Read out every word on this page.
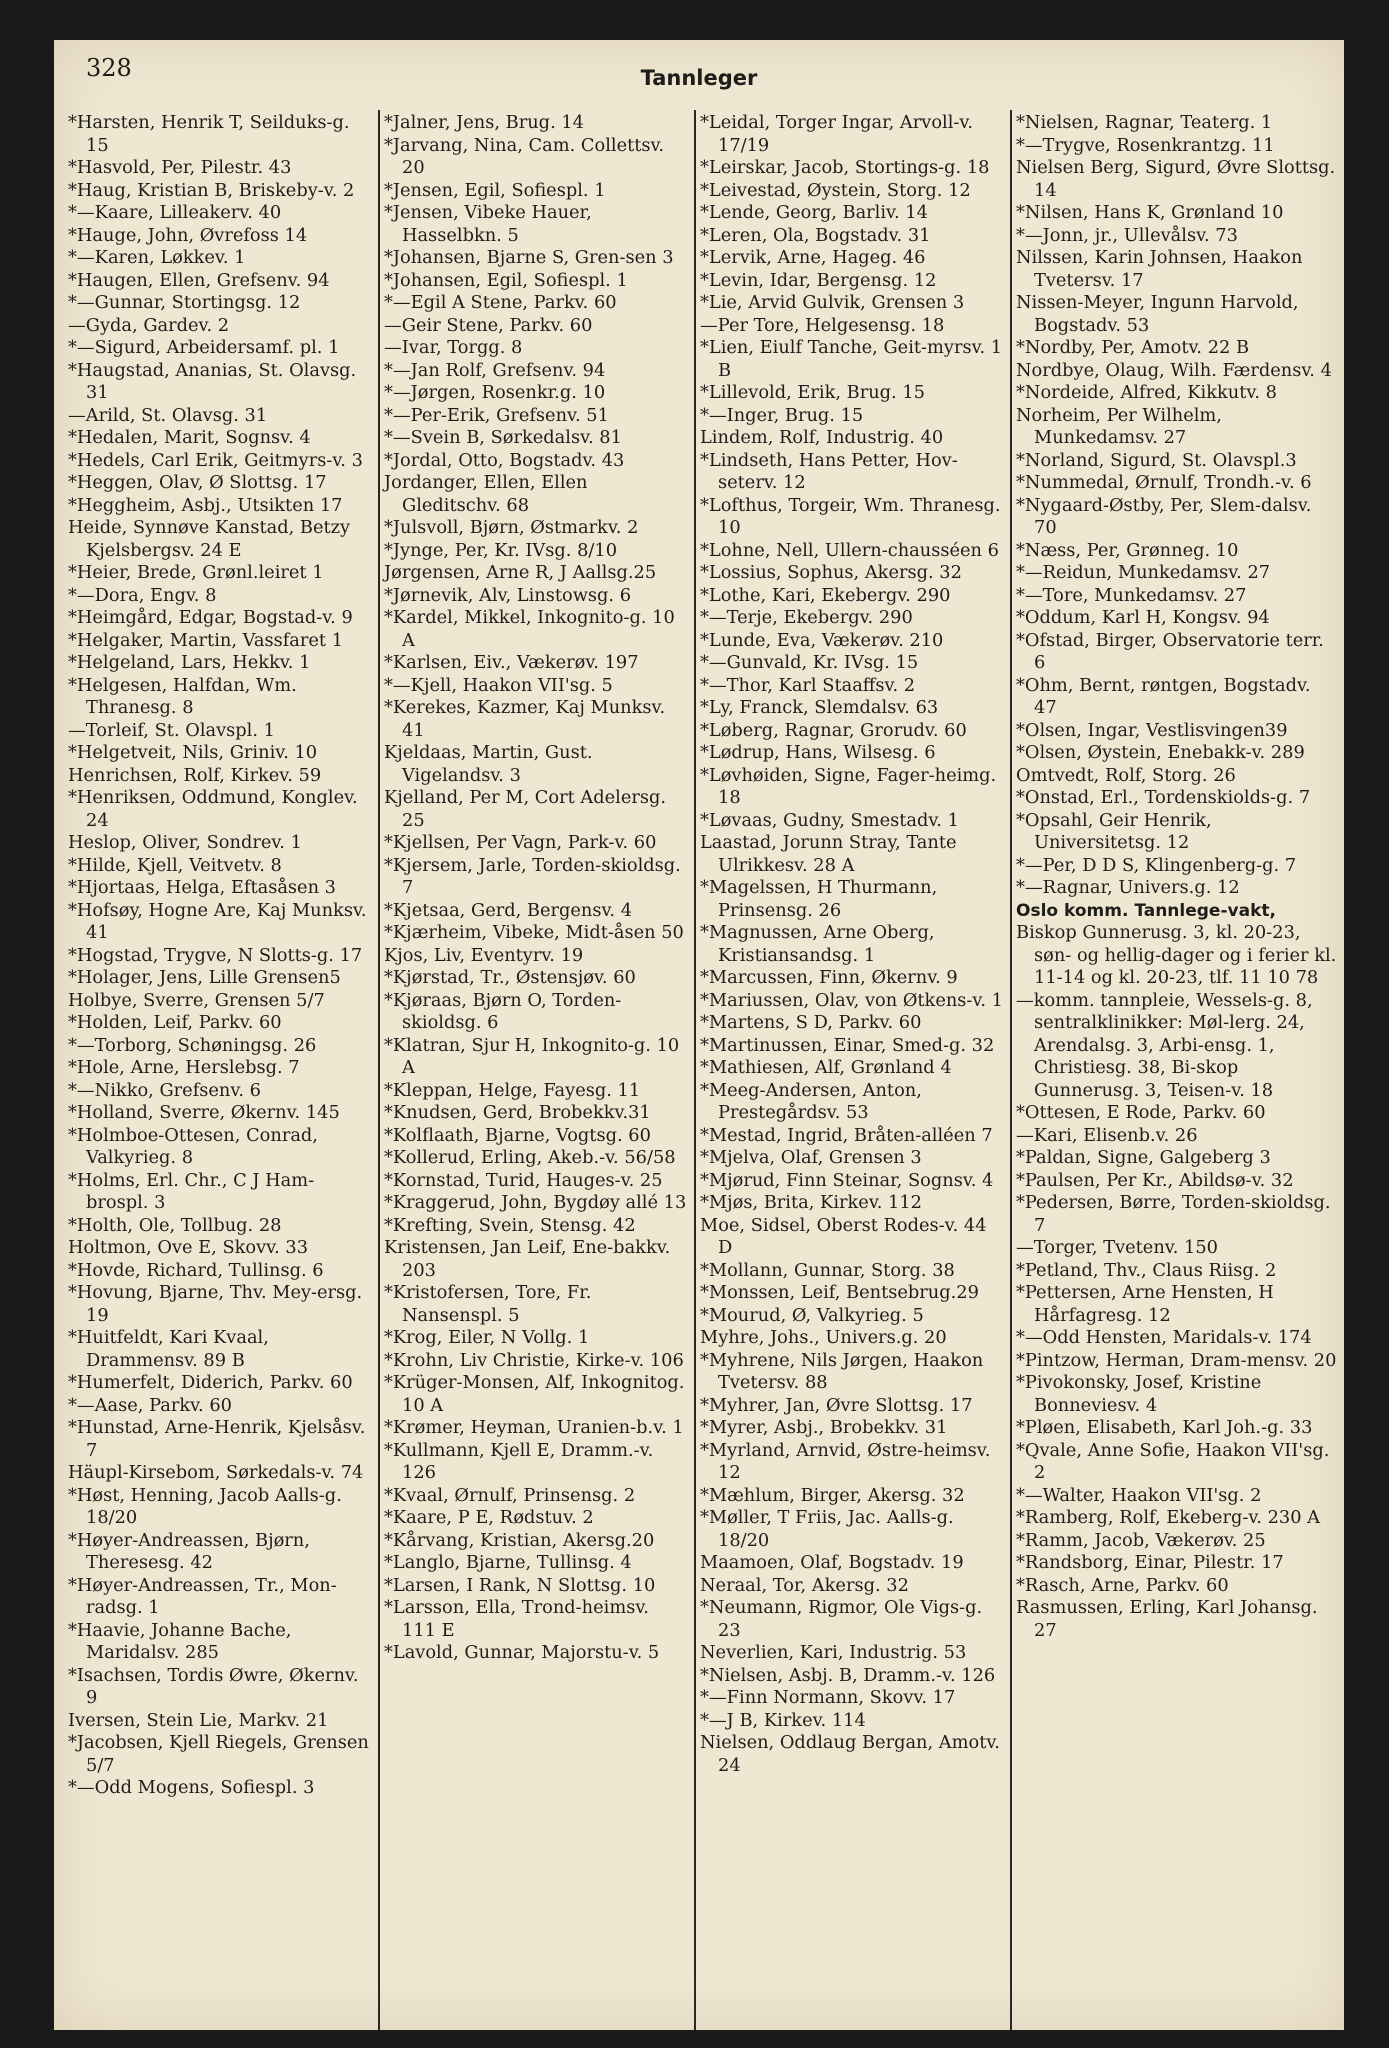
328	Tannleger
*Harsten, Henrik T, Seilduks-g. 15
*Hasvold, Per, Pilestr. 43
*Haug, Kristian B, Briskeby-v. 2
*—Kaare, Lilleakerv. 40
*Hauge, John, Øvrefoss 14
*—Karen, Løkkev. 1
*Haugen, Ellen, Grefsenv. 94
*—Gunnar, Stortingsg. 12
—Gyda, Gardev. 2
*—Sigurd, Arbeidersamf. pl. 1
*Haugstad, Ananias, St. Olavsg. 31
—Arild, St. Olavsg. 31
*Hedalen, Marit, Sognsv. 4
*Hedels, Carl Erik, Geitmyrs-v. 3
*Heggen, Olav, Ø Slottsg. 17
*Heggheim, Asbj., Utsikten 17
Heide, Synnøve Kanstad, Betzy Kjelsbergsv. 24 E
*Heier, Brede, Grønl.leiret 1
*—Dora, Engv. 8
*Heimgård, Edgar, Bogstad-v. 9
*Helgaker, Martin, Vassfaret 1
*Helgeland, Lars, Hekkv. 1
*Helgesen, Halfdan, Wm. Thranesg. 8
—Torleif, St. Olavspl. 1
*Helgetveit, Nils, Griniv. 10
Henrichsen, Rolf, Kirkev. 59
*Henriksen, Oddmund, Konglev. 24
Heslop, Oliver, Sondrev. 1
*Hilde, Kjell, Veitvetv. 8
*Hjortaas, Helga, Eftasåsen 3
*Hofsøy, Hogne Are, Kaj Munksv. 41
*Hogstad, Trygve, N Slotts-g. 17
*Holager, Jens, Lille Grensen5
Holbye, Sverre, Grensen 5/7
*Holden, Leif, Parkv. 60
*—Torborg, Schøningsg. 26
*Hole, Arne, Herslebsg. 7
*—Nikko, Grefsenv. 6
*Holland, Sverre, Økernv. 145
*Holmboe-Ottesen, Conrad, Valkyrieg. 8
*Holms, Erl. Chr., C J Ham-brospl. 3
*Holth, Ole, Tollbug. 28
Holtmon, Ove E, Skovv. 33
*Hovde, Richard, Tullinsg. 6
*Hovung, Bjarne, Thv. Mey-ersg. 19
*Huitfeldt, Kari Kvaal, Drammensv. 89 B
*Humerfelt, Diderich, Parkv. 60
*—Aase, Parkv. 60
*Hunstad, Arne-Henrik, Kjelsåsv. 7
Häupl-Kirsebom, Sørkedals-v. 74
*Høst, Henning, Jacob Aalls-g. 18/20
*Høyer-Andreassen, Bjørn, Theresesg. 42
*Høyer-Andreassen, Tr., Mon-radsg. 1
*Haavie, Johanne Bache, Maridalsv. 285
*Isachsen, Tordis Øwre, Økernv. 9
Iversen, Stein Lie, Markv. 21
*Jacobsen, Kjell Riegels, Grensen 5/7
*—Odd Mogens, Sofiespl. 3
*Jalner, Jens, Brug. 14
*Jarvang, Nina, Cam. Collettsv. 20
*Jensen, Egil, Sofiespl. 1
*Jensen, Vibeke Hauer, Hasselbkn. 5
*Johansen, Bjarne S, Gren-sen 3
*Johansen, Egil, Sofiespl. 1
*—Egil A Stene, Parkv. 60
—Geir Stene, Parkv. 60
—Ivar, Torgg. 8
*—Jan Rolf, Grefsenv. 94
*—Jørgen, Rosenkr.g. 10
*—Per-Erik, Grefsenv. 51
*—Svein B, Sørkedalsv. 81
*Jordal, Otto, Bogstadv. 43
Jordanger, Ellen, Ellen Gleditschv. 68
*Julsvoll, Bjørn, Østmarkv. 2
*Jynge, Per, Kr. IVsg. 8/10
Jørgensen, Arne R, J Aallsg.25
*Jørnevik, Alv, Linstowsg. 6
*Kardel, Mikkel, Inkognito-g. 10 A
*Karlsen, Eiv., Vækerøv. 197
*—Kjell, Haakon VII'sg. 5
*Kerekes, Kazmer, Kaj Munksv. 41
Kjeldaas, Martin, Gust. Vigelandsv. 3
Kjelland, Per M, Cort Adelersg. 25
*Kjellsen, Per Vagn, Park-v. 60
*Kjersem, Jarle, Torden-skioldsg. 7
*Kjetsaa, Gerd, Bergensv. 4
*Kjærheim, Vibeke, Midt-åsen 50
Kjos, Liv, Eventyrv. 19
*Kjørstad, Tr., Østensjøv. 60
*Kjøraas, Bjørn O, Torden-skioldsg. 6
*Klatran, Sjur H, Inkognito-g. 10 A
*Kleppan, Helge, Fayesg. 11
*Knudsen, Gerd, Brobekkv.31
*Kolflaath, Bjarne, Vogtsg. 60
*Kollerud, Erling, Akeb.-v. 56/58
*Kornstad, Turid, Hauges-v. 25
*Kraggerud, John, Bygdøy allé 13
*Krefting, Svein, Stensg. 42
Kristensen, Jan Leif, Ene-bakkv. 203
*Kristofersen, Tore, Fr. Nansenspl. 5
*Krog, Eiler, N Vollg. 1
*Krohn, Liv Christie, Kirke-v. 106
*Krüger-Monsen, Alf, Inkognitog. 10 A
*Krømer, Heyman, Uranien-b.v. 1
*Kullmann, Kjell E, Dramm.-v. 126
*Kvaal, Ørnulf, Prinsensg. 2
*Kaare, P E, Rødstuv. 2
*Kårvang, Kristian, Akersg.20
*Langlo, Bjarne, Tullinsg. 4
*Larsen, I Rank, N Slottsg. 10
*Larsson, Ella, Trond-heimsv. 111 E
*Lavold, Gunnar, Majorstu-v. 5
*Leidal, Torger Ingar, Arvoll-v. 17/19
*Leirskar, Jacob, Stortings-g. 18
*Leivestad, Øystein, Storg. 12
*Lende, Georg, Barliv. 14
*Leren, Ola, Bogstadv. 31
*Lervik, Arne, Hageg. 46
*Levin, Idar, Bergensg. 12
*Lie, Arvid Gulvik, Grensen 3
—Per Tore, Helgesensg. 18
*Lien, Eiulf Tanche, Geit-myrsv. 1 B
*Lillevold, Erik, Brug. 15
*—Inger, Brug. 15
Lindem, Rolf, Industrig. 40
*Lindseth, Hans Petter, Hov-seterv. 12
*Lofthus, Torgeir, Wm. Thranesg. 10
*Lohne, Nell, Ullern-chausséen 6
*Lossius, Sophus, Akersg. 32
*Lothe, Kari, Ekebergv. 290
*—Terje, Ekebergv. 290
*Lunde, Eva, Vækerøv. 210
*—Gunvald, Kr. IVsg. 15
*—Thor, Karl Staaffsv. 2
*Ly, Franck, Slemdalsv. 63
*Løberg, Ragnar, Grorudv. 60
*Lødrup, Hans, Wilsesg. 6
*Løvhøiden, Signe, Fager-heimg. 18
*Løvaas, Gudny, Smestadv. 1
Laastad, Jorunn Stray, Tante Ulrikkesv. 28 A
*Magelssen, H Thurmann, Prinsensg. 26
*Magnussen, Arne Oberg, Kristiansandsg. 1
*Marcussen, Finn, Økernv. 9
*Mariussen, Olav, von Øtkens-v. 1
*Martens, S D, Parkv. 60
*Martinussen, Einar, Smed-g. 32
*Mathiesen, Alf, Grønland 4
*Meeg-Andersen, Anton, Prestegårdsv. 53
*Mestad, Ingrid, Bråten-alléen 7
*Mjelva, Olaf, Grensen 3
*Mjørud, Finn Steinar, Sognsv. 4
*Mjøs, Brita, Kirkev. 112
Moe, Sidsel, Oberst Rodes-v. 44 D
*Mollann, Gunnar, Storg. 38
*Monssen, Leif, Bentsebrug.29
*Mourud, Ø, Valkyrieg. 5
Myhre, Johs., Univers.g. 20
*Myhrene, Nils Jørgen, Haakon Tvetersv. 88
*Myhrer, Jan, Øvre Slottsg. 17
*Myrer, Asbj., Brobekkv. 31
*Myrland, Arnvid, Østre-heimsv. 12
*Mæhlum, Birger, Akersg. 32
*Møller, T Friis, Jac. Aalls-g. 18/20
Maamoen, Olaf, Bogstadv. 19
Neraal, Tor, Akersg. 32
*Neumann, Rigmor, Ole Vigs-g. 23
Neverlien, Kari, Industrig. 53
*Nielsen, Asbj. B, Dramm.-v. 126
*—Finn Normann, Skovv. 17
*—J B, Kirkev. 114
Nielsen, Oddlaug Bergan, Amotv. 24
*Nielsen, Ragnar, Teaterg. 1
*—Trygve, Rosenkrantzg. 11
Nielsen Berg, Sigurd, Øvre Slottsg. 14
*Nilsen, Hans K, Grønland 10
*—Jonn, jr., Ullevålsv. 73
Nilssen, Karin Johnsen, Haakon Tvetersv. 17
Nissen-Meyer, Ingunn Harvold, Bogstadv. 53
*Nordby, Per, Amotv. 22 B
Nordbye, Olaug, Wilh. Færdensv. 4
*Nordeide, Alfred, Kikkutv. 8
Norheim, Per Wilhelm, Munkedamsv. 27
*Norland, Sigurd, St. Olavspl.3
*Nummedal, Ørnulf, Trondh.-v. 6
*Nygaard-Østby, Per, Slem-dalsv. 70
*Næss, Per, Grønneg. 10
*—Reidun, Munkedamsv. 27
*—Tore, Munkedamsv. 27
*Oddum, Karl H, Kongsv. 94
*Ofstad, Birger, Observatorie terr. 6
*Ohm, Bernt, røntgen, Bogstadv. 47
*Olsen, Ingar, Vestlisvingen39
*Olsen, Øystein, Enebakk-v. 289
Omtvedt, Rolf, Storg. 26
*Onstad, Erl., Tordenskiolds-g. 7
*Opsahl, Geir Henrik, Universitetsg. 12
*—Per, D D S, Klingenberg-g. 7
*—Ragnar, Univers.g. 12
Oslo komm. Tannlege-vakt,
Biskop Gunnerusg. 3, kl. 20-23, søn- og hellig-dager og i ferier kl. 11-14 og kl. 20-23, tlf. 11 10 78
—komm. tannpleie, Wessels-g. 8, sentralklinikker: Møl-lerg. 24, Arendalsg. 3, Arbi-ensg. 1, Christiesg. 38, Bi-skop Gunnerusg. 3, Teisen-v. 18
*Ottesen, E Rode, Parkv. 60
—Kari, Elisenb.v. 26
*Paldan, Signe, Galgeberg 3
*Paulsen, Per Kr., Abildsø-v. 32
*Pedersen, Børre, Torden-skioldsg. 7
—Torger, Tvetenv. 150
*Petland, Thv., Claus Riisg. 2
*Pettersen, Arne Hensten, H Hårfagresg. 12
*—Odd Hensten, Maridals-v. 174
*Pintzow, Herman, Dram-mensv. 20
*Pivokonsky, Josef, Kristine Bonneviesv. 4
*Pløen, Elisabeth, Karl Joh.-g. 33
*Qvale, Anne Sofie, Haakon VII'sg. 2
*—Walter, Haakon VII'sg. 2
*Ramberg, Rolf, Ekeberg-v. 230 A
*Ramm, Jacob, Vækerøv. 25
*Randsborg, Einar, Pilestr. 17
*Rasch, Arne, Parkv. 60
Rasmussen, Erling, Karl Johansg. 27
